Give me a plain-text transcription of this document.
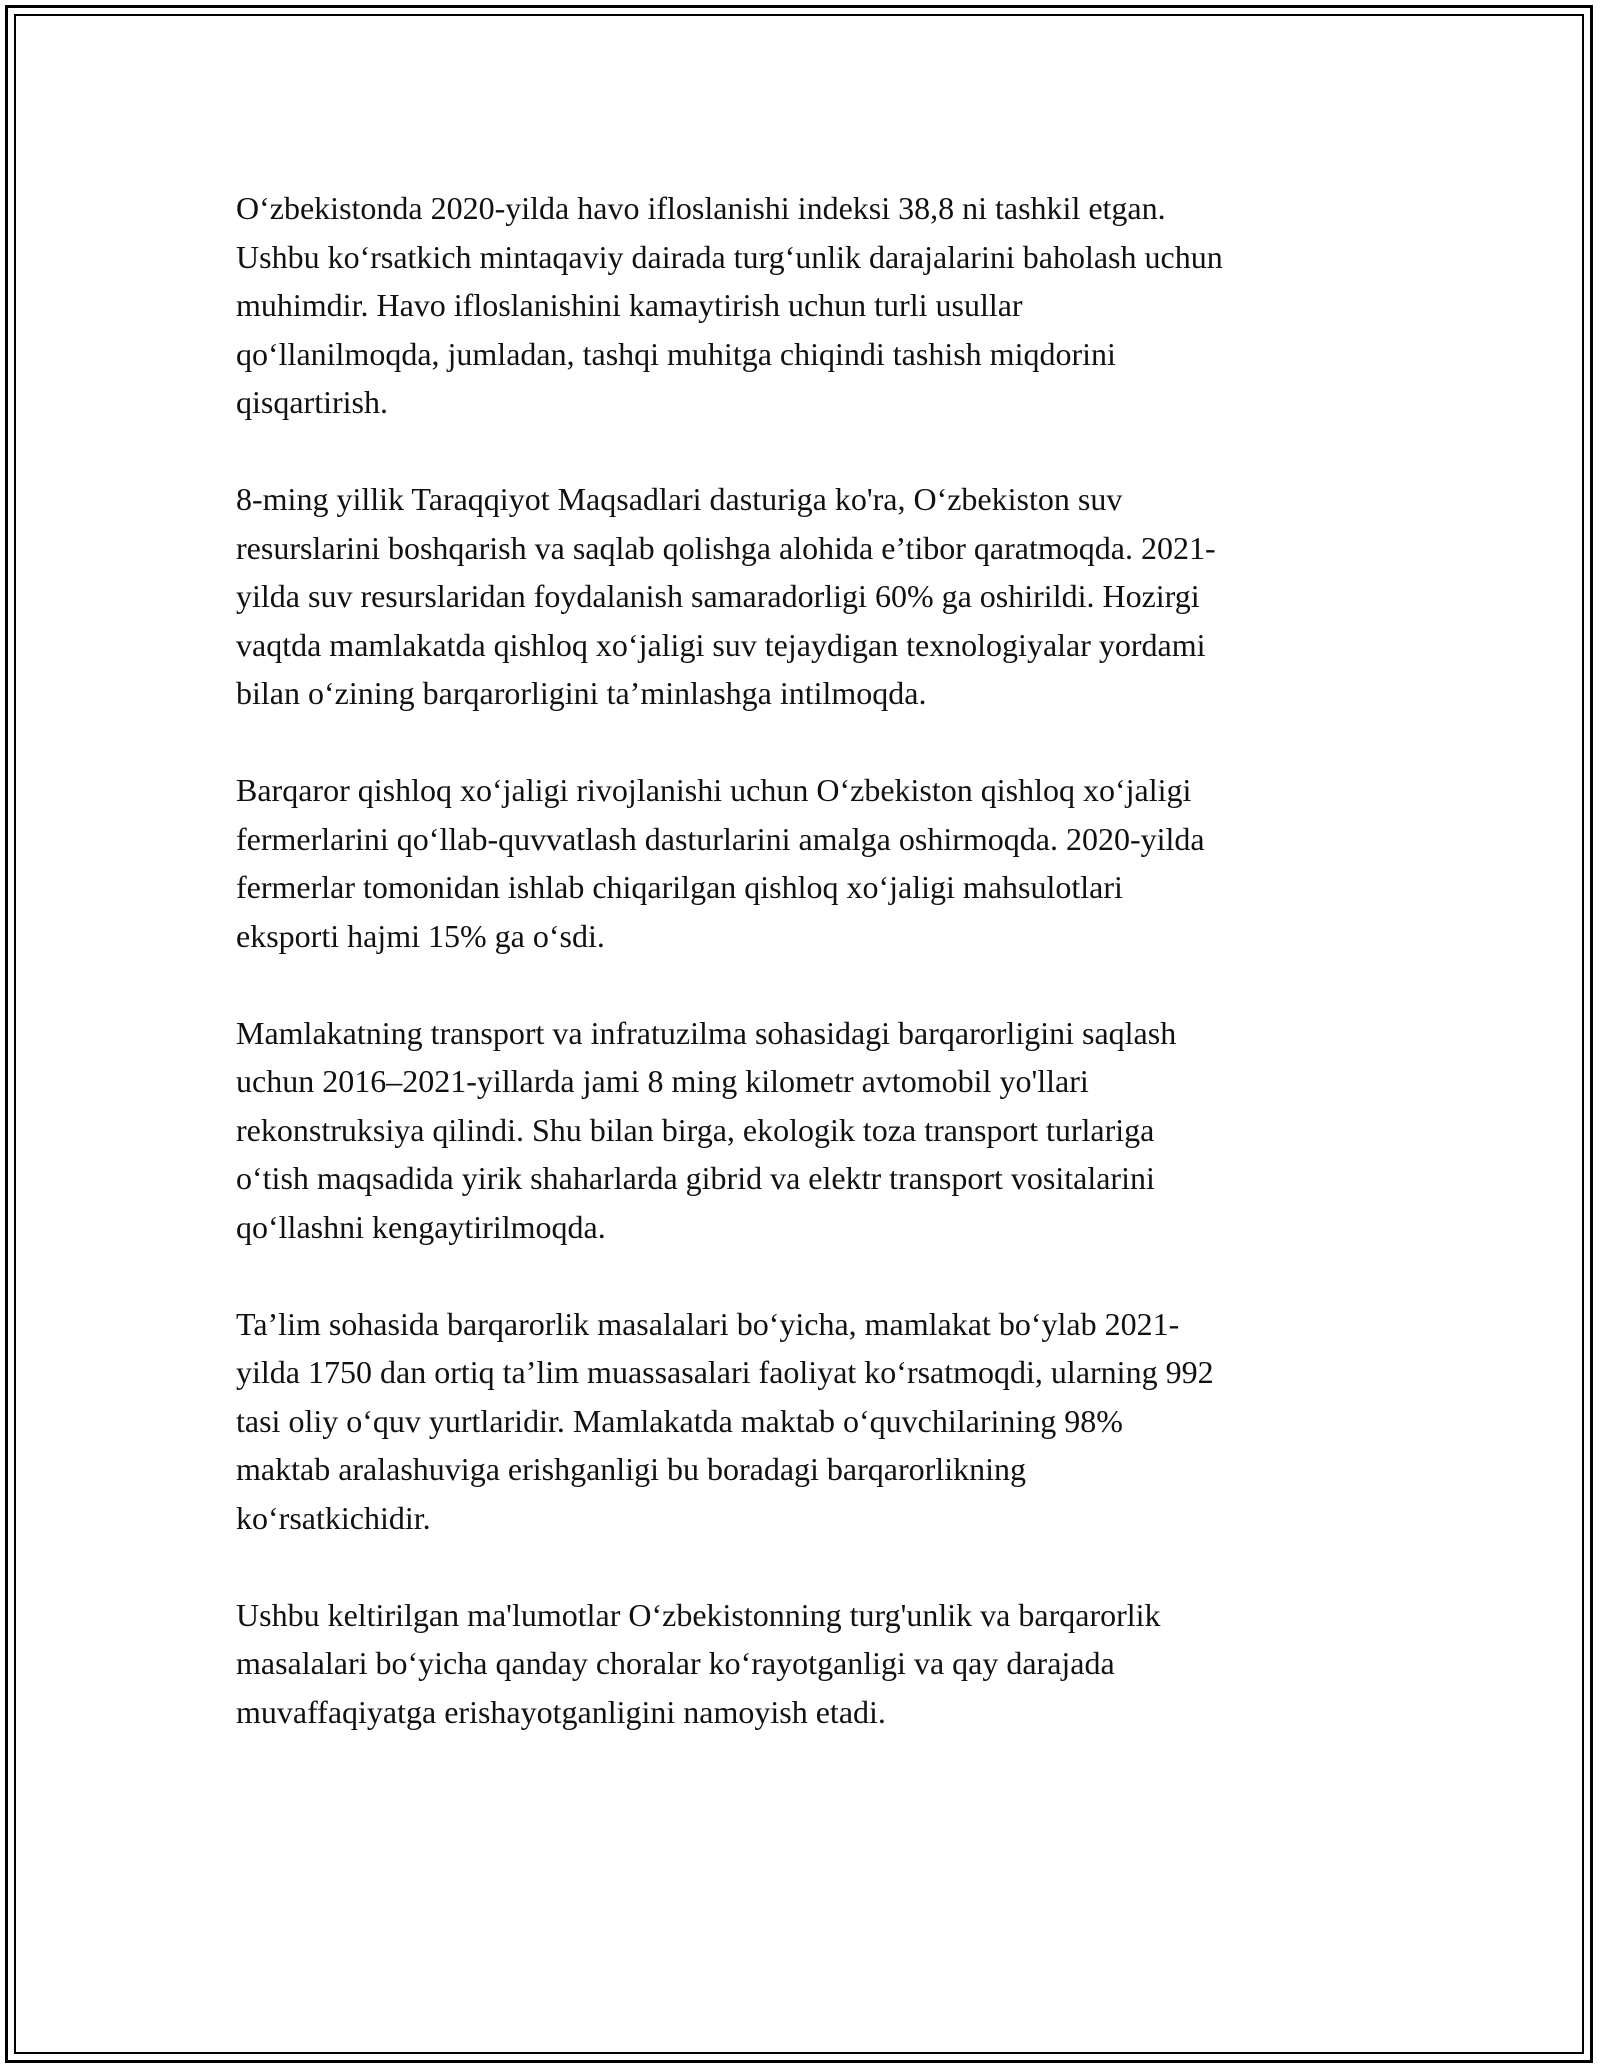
O‘zbekistonda 2020-yilda havo ifloslanishi indeksi 38,8 ni tashkil etgan.
Ushbu ko‘rsatkich mintaqaviy dairada turg‘unlik darajalarini baholash uchun
muhimdir. Havo ifloslanishini kamaytirish uchun turli usullar
qo‘llanilmoqda, jumladan, tashqi muhitga chiqindi tashish miqdorini
qisqartirish.

8-ming yillik Taraqqiyot Maqsadlari dasturiga ko'ra, O‘zbekiston suv
resurslarini boshqarish va saqlab qolishga alohida e’tibor qaratmoqda. 2021-
yilda suv resurslaridan foydalanish samaradorligi 60% ga oshirildi. Hozirgi
vaqtda mamlakatda qishloq xo‘jaligi suv tejaydigan texnologiyalar yordami
bilan o‘zining barqarorligini ta’minlashga intilmoqda.

Barqaror qishloq xo‘jaligi rivojlanishi uchun O‘zbekiston qishloq xo‘jaligi
fermerlarini qo‘llab-quvvatlash dasturlarini amalga oshirmoqda. 2020-yilda
fermerlar tomonidan ishlab chiqarilgan qishloq xo‘jaligi mahsulotlari
eksporti hajmi 15% ga o‘sdi.

Mamlakatning transport va infratuzilma sohasidagi barqarorligini saqlash
uchun 2016–2021-yillarda jami 8 ming kilometr avtomobil yo'llari
rekonstruksiya qilindi. Shu bilan birga, ekologik toza transport turlariga
o‘tish maqsadida yirik shaharlarda gibrid va elektr transport vositalarini
qo‘llashni kengaytirilmoqda.

Ta’lim sohasida barqarorlik masalalari bo‘yicha, mamlakat bo‘ylab 2021-
yilda 1750 dan ortiq ta’lim muassasalari faoliyat ko‘rsatmoqdi, ularning 992
tasi oliy o‘quv yurtlaridir. Mamlakatda maktab o‘quvchilarining 98%
maktab aralashuviga erishganligi bu boradagi barqarorlikning
ko‘rsatkichidir.

Ushbu keltirilgan ma'lumotlar O‘zbekistonning turg'unlik va barqarorlik
masalalari bo‘yicha qanday choralar ko‘rayotganligi va qay darajada
muvaffaqiyatga erishayotganligini namoyish etadi.
